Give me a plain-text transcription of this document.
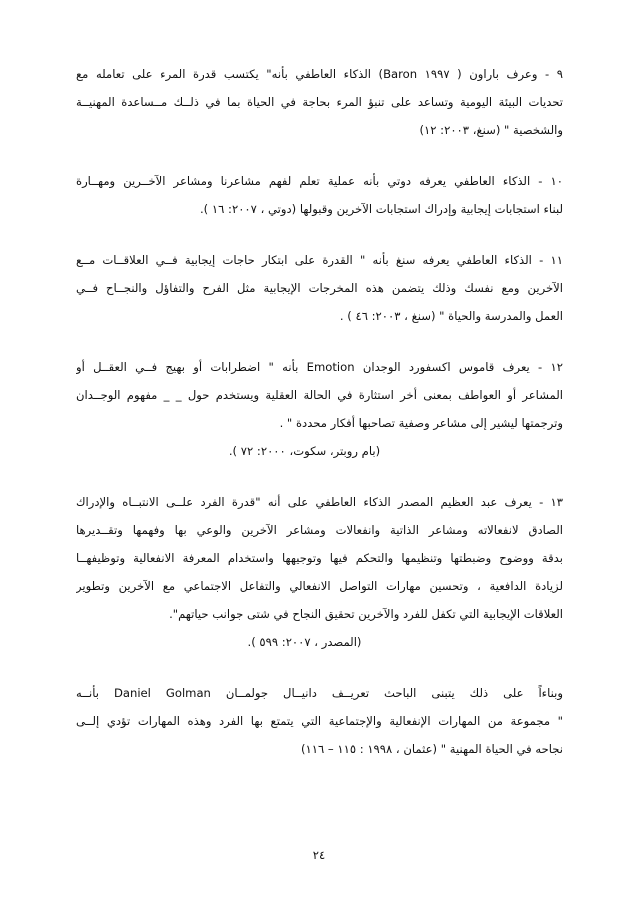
٩ - وعرف باراون ( ١٩٩٧ Baron) الذكاء العاطفي بأنه" يكتسب قدرة المرء على تعامله مع
تحديات البيئة اليومية وتساعد على تنبؤ المرء بحاجة في الحياة بما في ذلــك مــساعدة المهنيــة
والشخصية " (سنغ، ٢٠٠٣: ١٢)

١٠ - الذكاء العاطفي يعرفه دوتي بأنه عملية تعلم لفهم مشاعرنا ومشاعر الآخــرين ومهــارة
لبناء استجابات إيجابية وإدراك استجابات الآخرين وقبولها (دوتي ، ٢٠٠٧: ١٦ ).

١١ - الذكاء العاطفي يعرفه سنغ بأنه " القدرة على ابتكار حاجات إيجابية فــي العلاقــات مــع
الآخرين ومع نفسك وذلك يتضمن هذه المخرجات الإيجابية مثل الفرح والتفاؤل والنجــاح فــي
العمل والمدرسة والحياة " (سنغ ، ٢٠٠٣: ٤٦ ) .

١٢ - يعرف قاموس اكسفورد الوجدان Emotion بأنه " اضطرابات أو بهيج فــي العقــل أو
المشاعر أو العواطف بمعنى أخر استثارة في الحالة العقلية ويستخدم حول _ _ مفهوم الوجــدان
وترجمتها ليشير إلى مشاعر وصفية تصاحبها أفكار محددة " .
(بام روبتر، سكوت، ٢٠٠٠: ٧٢ ).

١٣ - يعرف عبد العظيم المصدر الذكاء العاطفي على أنه "قدرة الفرد علــى الانتبــاه والإدراك
الصادق لانفعالاته ومشاعر الذاتية وانفعالات ومشاعر الآخرين والوعي بها وفهمها وتقــديرها
بدقة ووضوح وضبطتها وتنظيمها والتحكم فيها وتوجيهها واستخدام المعرفة الانفعالية وتوظيفهــا
لزيادة الدافعية ، وتحسين مهارات التواصل الانفعالي والتفاعل الاجتماعي مع الآخرين وتطوير
العلاقات الإيجابية التي تكفل للفرد والآخرين تحقيق النجاح في شتى جوانب حياتهم".
(المصدر ، ٢٠٠٧: ٥٩٩ ).

وبناءاً على ذلك يتبنى الباحث تعريــف دانيــال جولمــان Daniel Golman بأنــه
" مجموعة من المهارات الإنفعالية والإجتماعية التي يتمتع بها الفرد وهذه المهارات تؤدي إلــى
نجاحه في الحياة المهنية " (عثمان ، ١٩٩٨ : ١١٥ – ١١٦)

٢٤
